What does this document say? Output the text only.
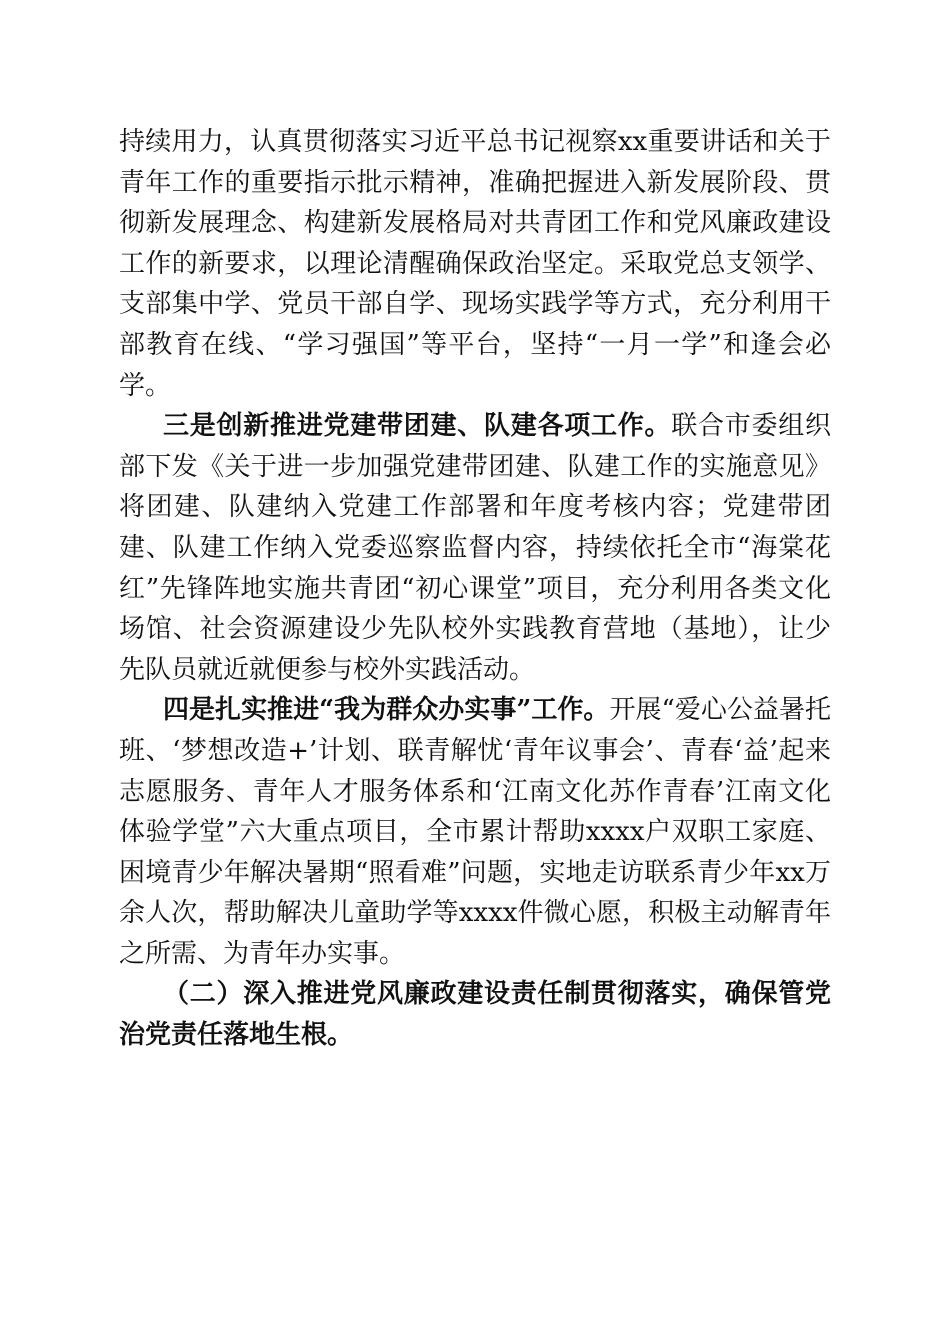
持续用力，认真贯彻落实习近平总书记视察xx重要讲话和关于青年工作的重要指示批示精神，准确把握进入新发展阶段、贯彻新发展理念、构建新发展格局对共青团工作和党风廉政建设工作的新要求，以理论清醒确保政治坚定。采取党总支领学、支部集中学、党员干部自学、现场实践学等方式，充分利用干部教育在线、“学习强国”等平台，坚持“一月一学”和逢会必学。

三是创新推进党建带团建、队建各项工作。联合市委组织部下发《关于进一步加强党建带团建、队建工作的实施意见》将团建、队建纳入党建工作部署和年度考核内容；党建带团建、队建工作纳入党委巡察监督内容，持续依托全市“海棠花红”先锋阵地实施共青团“初心课堂”项目，充分利用各类文化场馆、社会资源建设少先队校外实践教育营地（基地），让少先队员就近就便参与校外实践活动。

四是扎实推进“我为群众办实事”工作。开展“爱心公益暑托班、‘梦想改造+’计划、联青解忧‘青年议事会’、青春‘益’起来志愿服务、青年人才服务体系和‘江南文化苏作青春’江南文化体验学堂”六大重点项目，全市累计帮助xxxx户双职工家庭、困境青少年解决暑期“照看难”问题，实地走访联系青少年xx万余人次，帮助解决儿童助学等xxxx件微心愿，积极主动解青年之所需、为青年办实事。

（二）深入推进党风廉政建设责任制贯彻落实，确保管党治党责任落地生根。
